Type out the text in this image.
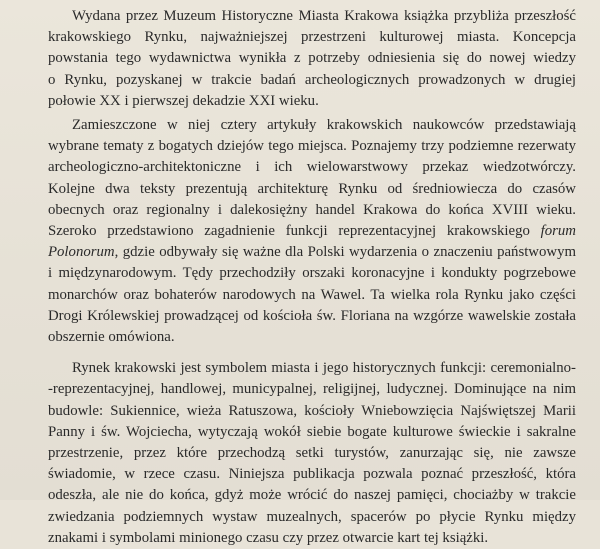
Wydana przez Muzeum Historyczne Miasta Krakowa książka przybliża przeszłość
krakowskiego Rynku, najważniejszej przestrzeni kulturowej miasta. Koncepcja
powstania tego wydawnictwa wynikła z potrzeby odniesienia się do nowej wiedzy
o Rynku, pozyskanej w trakcie badań archeologicznych prowadzonych w drugiej
połowie XX i pierwszej dekadzie XXI wieku.

Zamieszczone w niej cztery artykuły krakowskich naukowców przedstawiają
wybrane tematy z bogatych dziejów tego miejsca. Poznajemy trzy podziemne rezerwaty
archeologiczno-architektoniczne i ich wielowarstwowy przekaz wiedzotwórczy.
Kolejne dwa teksty prezentują architekturę Rynku od średniowiecza do czasów
obecnych oraz regionalny i dalekosiężny handel Krakowa do końca XVIII wieku.
Szeroko przedstawiono zagadnienie funkcji reprezentacyjnej krakowskiego forum
Polonorum, gdzie odbywały się ważne dla Polski wydarzenia o znaczeniu państwowym
i międzynarodowym. Tędy przechodziły orszaki koronacyjne i kondukty pogrzebowe
monarchów oraz bohaterów narodowych na Wawel. Ta wielka rola Rynku jako części
Drogi Królewskiej prowadzącej od kościoła św. Floriana na wzgórze wawelskie została
obszernie omówiona.

Rynek krakowski jest symbolem miasta i jego historycznych funkcji: ceremonialno-
-reprezentacyjnej, handlowej, municypalnej, religijnej, ludycznej. Dominujące na nim
budowle: Sukiennice, wieża Ratuszowa, kościoły Wniebowzięcia Najświętszej Marii
Panny i św. Wojciecha, wytyczają wokół siebie bogate kulturowe świeckie i sakralne
przestrzenie, przez które przechodzą setki turystów, zanurzając się, nie zawsze
świadomie, w rzece czasu. Niniejsza publikacja pozwala poznać przeszłość, która
odeszła, ale nie do końca, gdyż może wrócić do naszej pamięci, chociażby w trakcie
zwiedzania podziemnych wystaw muzealnych, spacerów po płycie Rynku między
znakami i symbolami minionego czasu czy przez otwarcie kart tej książki.
